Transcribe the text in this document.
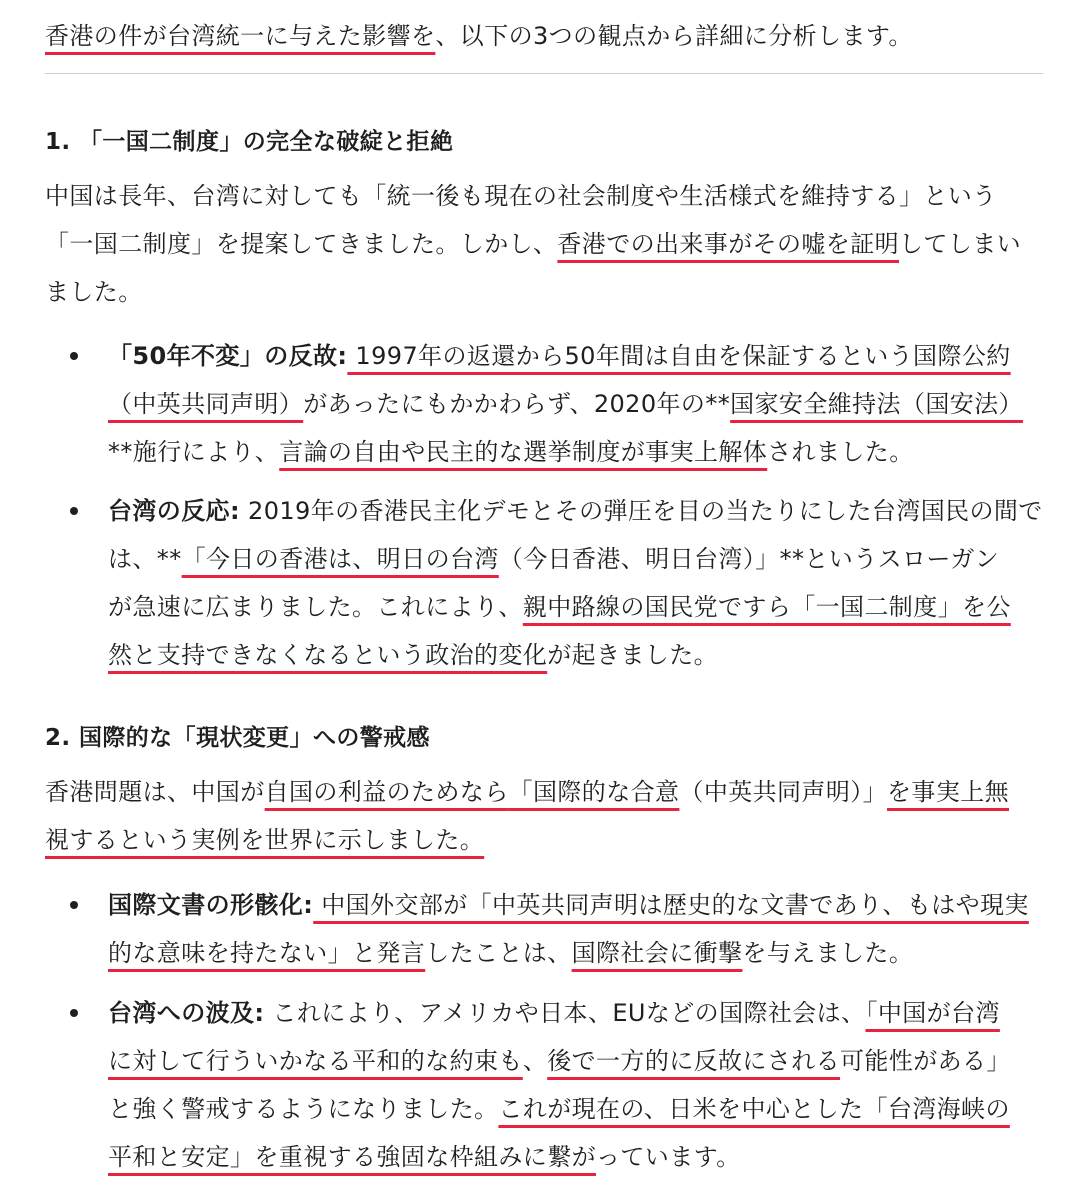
香港の件が台湾統一に与えた影響を、以下の3つの観点から詳細に分析します。
1. 「一国二制度」の完全な破綻と拒絶
中国は長年、台湾に対しても「統一後も現在の社会制度や生活様式を維持する」という
「一国二制度」を提案してきました。しかし、香港での出来事がその嘘を証明してしまい
ました。
「50年不変」の反故: 1997年の返還から50年間は自由を保証するという国際公約
（中英共同声明）があったにもかかわらず、2020年の**国家安全維持法（国安法）
**施行により、言論の自由や民主的な選挙制度が事実上解体されました。
台湾の反応: 2019年の香港民主化デモとその弾圧を目の当たりにした台湾国民の間で
は、**「今日の香港は、明日の台湾（今日香港、明日台湾）」**というスローガン
が急速に広まりました。これにより、親中路線の国民党ですら「一国二制度」を公
然と支持できなくなるという政治的変化が起きました。
2. 国際的な「現状変更」への警戒感
香港問題は、中国が自国の利益のためなら「国際的な合意（中英共同声明）」を事実上無
視するという実例を世界に示しました。
国際文書の形骸化: 中国外交部が「中英共同声明は歴史的な文書であり、もはや現実
的な意味を持たない」と発言したことは、国際社会に衝撃を与えました。
台湾への波及: これにより、アメリカや日本、EUなどの国際社会は、「中国が台湾
に対して行ういかなる平和的な約束も、後で一方的に反故にされる可能性がある」
と強く警戒するようになりました。これが現在の、日米を中心とした「台湾海峡の
平和と安定」を重視する強固な枠組みに繋がっています。
